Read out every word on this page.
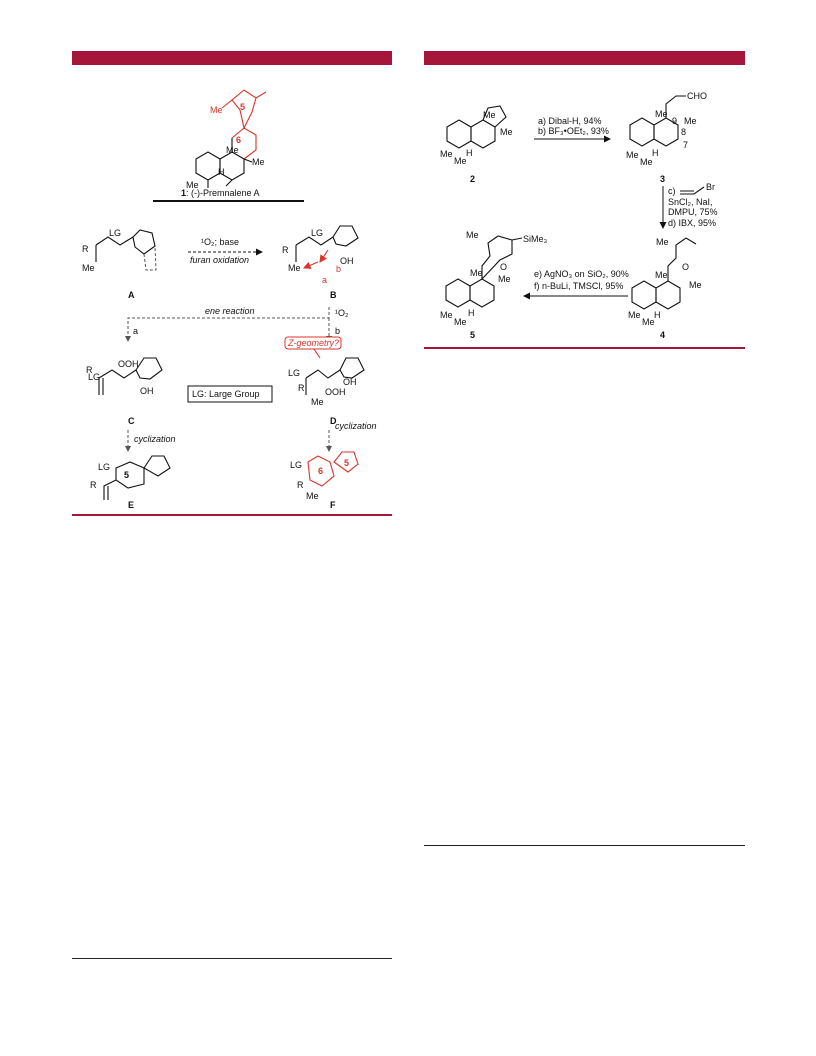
Me 5
6
Me
Me
H
Me
1 : (-)-Premnalene A
R
LG
Me
A
¹O₂; base
furan oxidation
R
LG
Me
OH
a
b
B
ene reaction
a	b
¹O₂
R
LG
OOH
OH
C
LG: Large Group
Z-geometry?
LG
R
OH
OOH
Me
D
cyclization
cyclization
LG
R
5
E
LG
R
Me
6
5
F
Me
Me
H
Me
Me
2
a) Dibal-H, 94%
b) BF₃•OEt₂, 93%
CHO
Me
Me
9
8
7
H
Me
Me
3
c)	Br
SnCl₂, NaI,
DMPU, 75%
d) IBX, 95%
Me
O
Me
Me
H
Me
Me
4
e) AgNO₃ on SiO₂, 90%
f) n-BuLi, TMSCl, 95%
Me	SiMe₃
O
Me
Me
H
Me
Me
5
